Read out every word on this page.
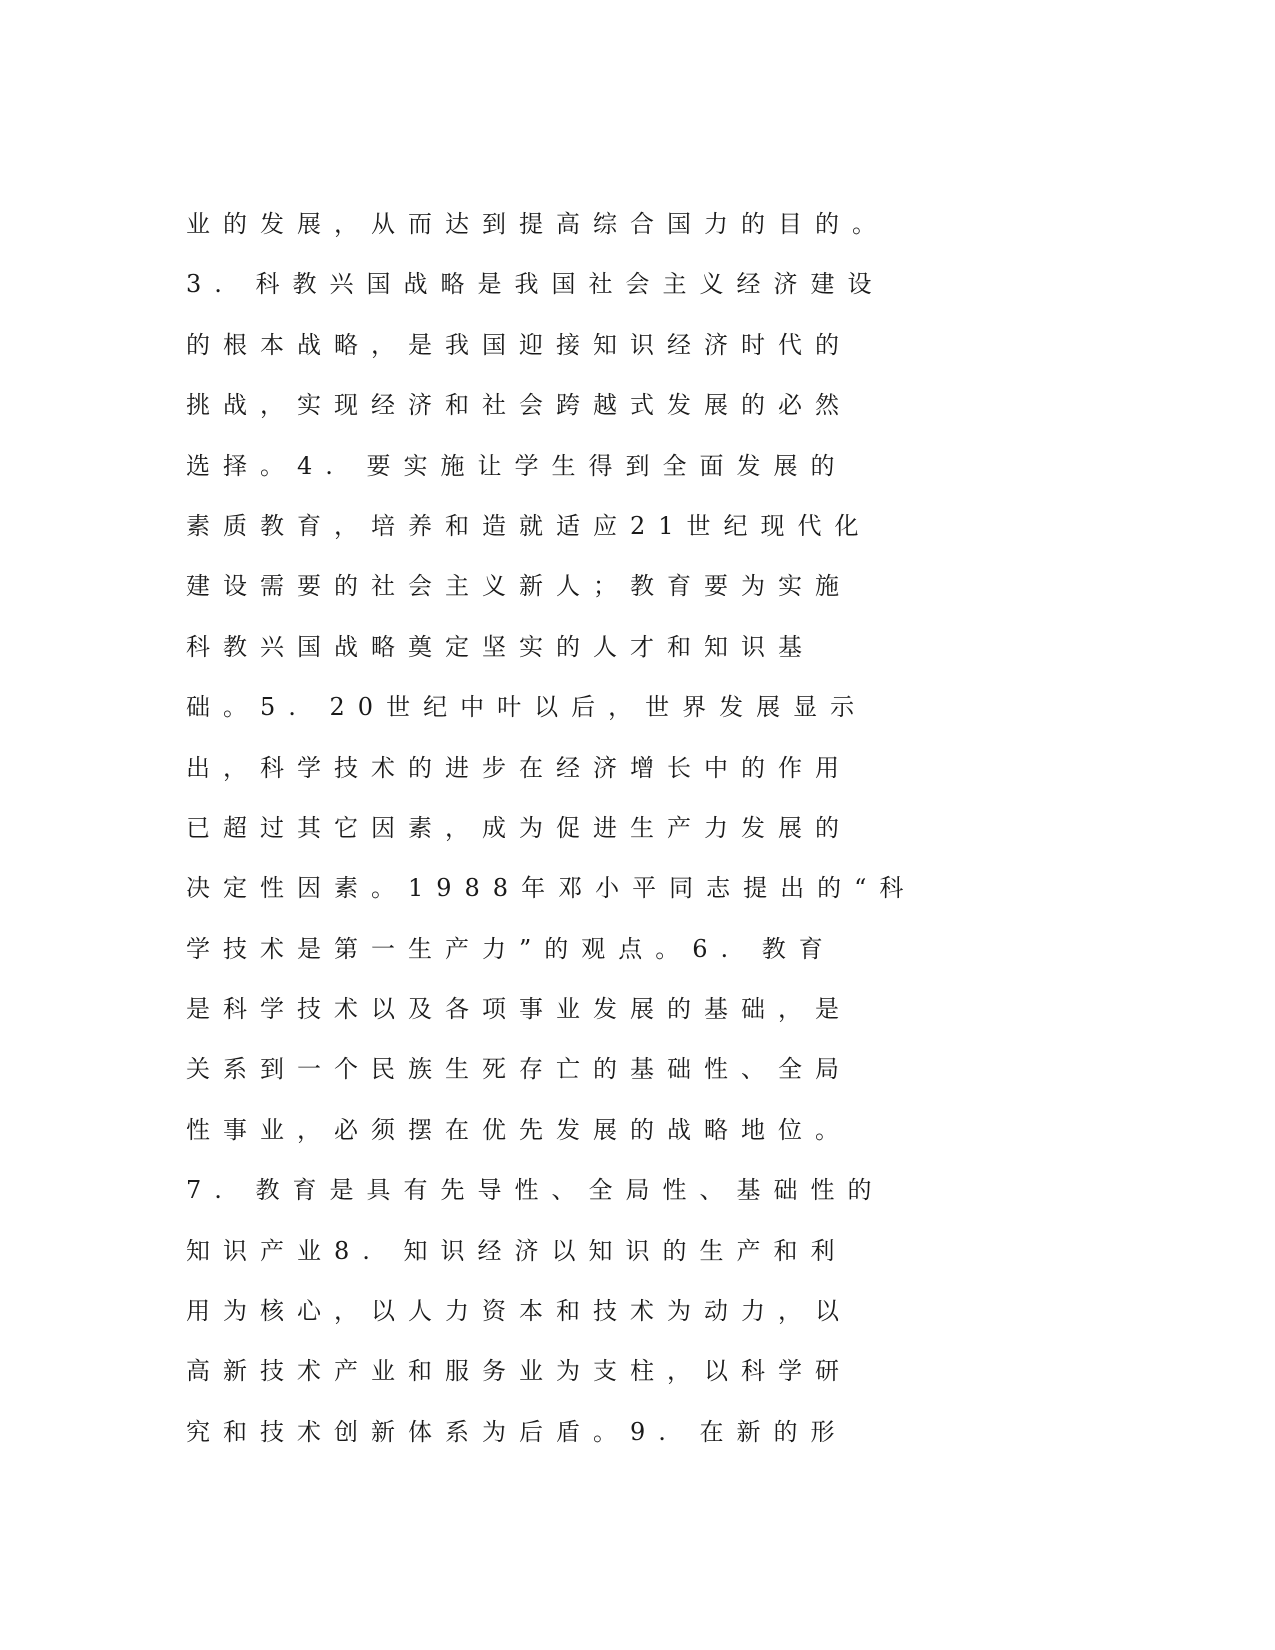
业的发展，从而达到提高综合国力的目的。
3. 科教兴国战略是我国社会主义经济建设
的根本战略，是我国迎接知识经济时代的
挑战，实现经济和社会跨越式发展的必然
选择。4. 要实施让学生得到全面发展的
素质教育，培养和造就适应21世纪现代化
建设需要的社会主义新人；教育要为实施
科教兴国战略奠定坚实的人才和知识基
础。5. 20世纪中叶以后，世界发展显示
出，科学技术的进步在经济增长中的作用
已超过其它因素，成为促进生产力发展的
决定性因素。1988年邓小平同志提出的“科
学技术是第一生产力”的观点。6. 教育
是科学技术以及各项事业发展的基础，是
关系到一个民族生死存亡的基础性、全局
性事业，必须摆在优先发展的战略地位。
7. 教育是具有先导性、全局性、基础性的
知识产业8. 知识经济以知识的生产和利
用为核心，以人力资本和技术为动力，以
高新技术产业和服务业为支柱，以科学研
究和技术创新体系为后盾。9. 在新的形
